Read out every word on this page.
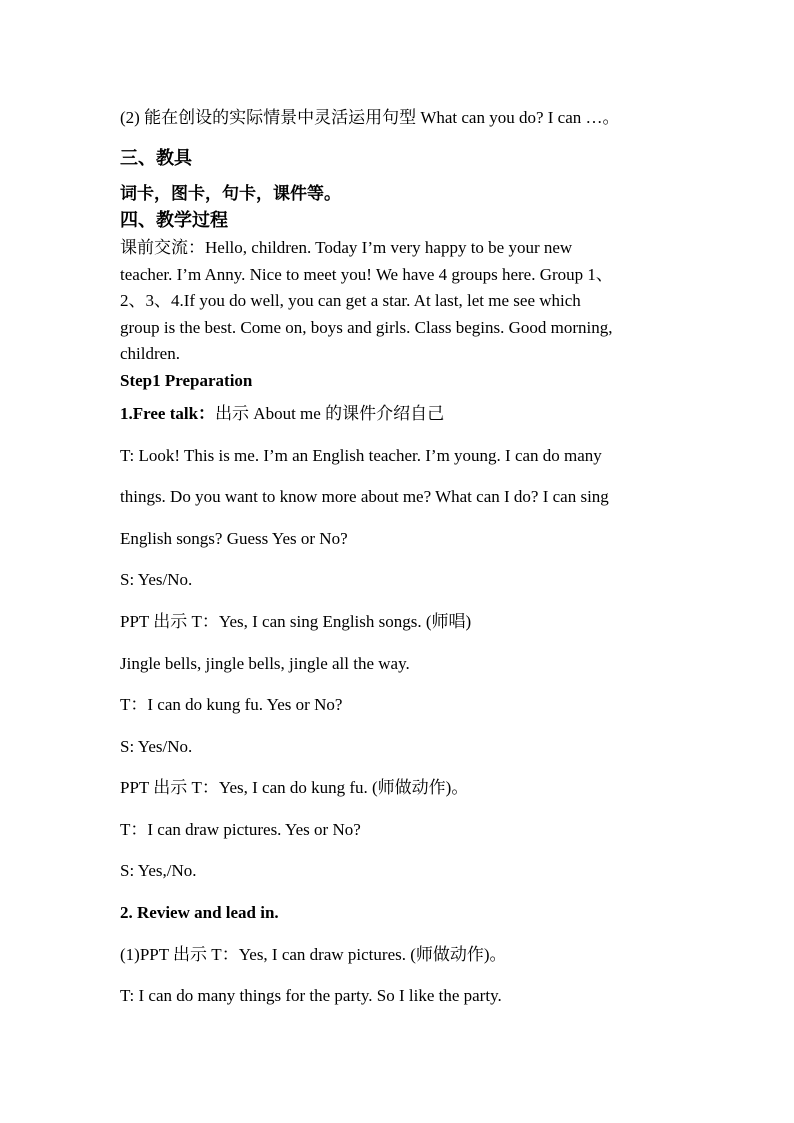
(2) 能在创设的实际情景中灵活运用句型 What can you do? I can …。
三、教具
词卡，图卡，句卡，课件等。
四、教学过程
课前交流：Hello, children. Today I’m very happy to be your new
teacher. I’m Anny. Nice to meet you! We have 4 groups here. Group 1、
2、3、4.If you do well, you can get a star. At last, let me see which
group is the best. Come on, boys and girls. Class begins. Good morning,
children.
Step1 Preparation
1.Free talk：出示 About me 的课件介绍自己
T: Look! This is me. I’m an English teacher. I’m young. I can do many
things. Do you want to know more about me? What can I do? I can sing
English songs? Guess Yes or No?
S: Yes/No.
PPT 出示 T：Yes, I can sing English songs. (师唱)
Jingle bells, jingle bells, jingle all the way.
T：I can do kung fu. Yes or No?
S: Yes/No.
PPT 出示 T：Yes, I can do kung fu. (师做动作)。
T：I can draw pictures. Yes or No?
S: Yes,/No.
2. Review and lead in.
(1)PPT 出示 T：Yes, I can draw pictures. (师做动作)。
T: I can do many things for the party. So I like the party.
